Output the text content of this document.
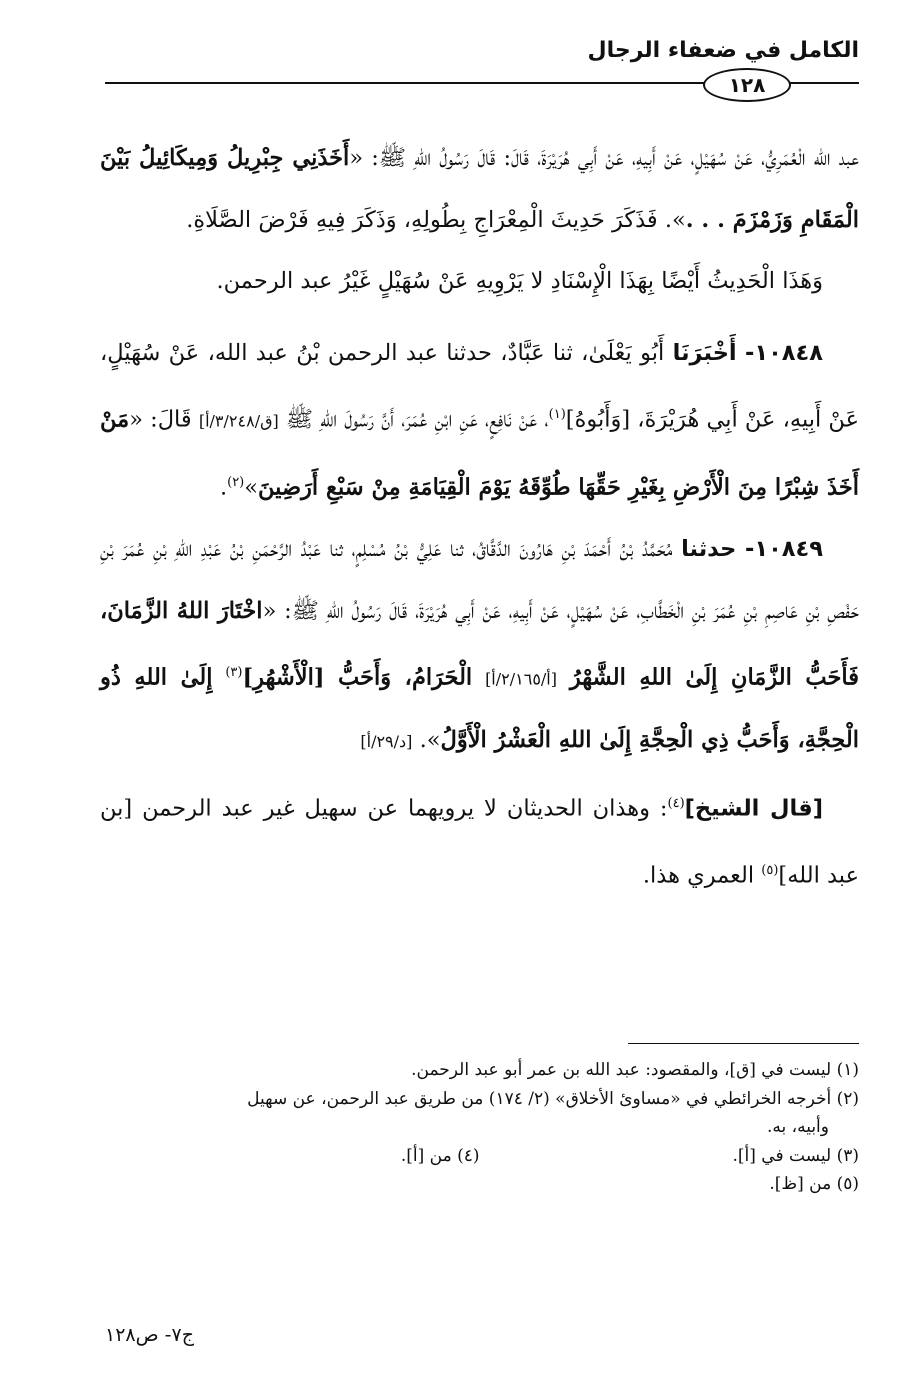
الكامل في ضعفاء الرجال
١٢٨

عبد الله الْعُمَرِيُّ، عَنْ سُهَيْلٍ، عَنْ أَبِيهِ، عَنْ أَبِي هُرَيْرَةَ، قَالَ: قَالَ رَسُولُ اللهِ ﷺ: «أَخَذَنِي جِبْرِيلُ وَمِيكَائِيلُ بَيْنَ الْمَقَامِ وَزَمْزَمَ . . .». فَذَكَرَ حَدِيثَ الْمِعْرَاجِ بِطُولِهِ، وَذَكَرَ فِيهِ فَرْضَ الصَّلَاةِ.

وَهَذَا الْحَدِيثُ أَيْضًا بِهَذَا الْإِسْنَادِ لا يَرْوِيهِ عَنْ سُهَيْلٍ غَيْرُ عبد الرحمن.

١٠٨٤٨- أَخْبَرَنَا أَبُو يَعْلَىٰ، ثنا عَبَّادٌ، حدثنا عبد الرحمن بْنُ عبد الله، عَنْ سُهَيْلٍ، عَنْ أَبِيهِ، عَنْ أَبِي هُرَيْرَةَ، [وَأَبُوهُ]$^{(١)}$، عَنْ نَافِعٍ، عَنِ ابْنِ عُمَرَ، أَنَّ رَسُولَ اللهِ ﷺ [ق/٣/٢٤٨/أ] قَالَ: «مَنْ أَخَذَ شِبْرًا مِنَ الْأَرْضِ بِغَيْرِ حَقِّهَا طُوِّقَهُ يَوْمَ الْقِيَامَةِ مِنْ سَبْعِ أَرَضِينَ»$^{(٢)}$.

١٠٨٤٩- حدثنا مُحَمَّدُ بْنُ أَحْمَدَ بْنِ هَارُونَ الدَّقَّاقُ، ثنا عَلِيُّ بْنُ مُسْلِمٍ، ثنا عَبْدُ الرَّحْمَنِ بْنُ عَبْدِ اللهِ بْنِ عُمَرَ بْنِ حَفْصِ بْنِ عَاصِمِ بْنِ عُمَرَ بْنِ الْخَطَّابِ، عَنْ سُهَيْلٍ، عَنْ أَبِيهِ، عَنْ أَبِي هُرَيْرَةَ، قَالَ رَسُولُ اللهِ ﷺ: «اخْتَارَ اللهُ الزَّمَانَ، فَأَحَبُّ الزَّمَانِ إِلَىٰ اللهِ الشَّهْرُ [أ/٢/١٦٥/أ] الْحَرَامُ، وَأَحَبُّ [الْأَشْهُرِ]$^{(٣)}$ إِلَىٰ اللهِ ذُو الْحِجَّةِ، وَأَحَبُّ ذِي الْحِجَّةِ إِلَىٰ اللهِ الْعَشْرُ الْأَوَّلُ». [د/٢٩/أ]

[قال الشيخ]$^{(٤)}$: وهذان الحديثان لا يرويهما عن سهيل غير عبد الرحمن [بن عبد الله]$^{(٥)}$ العمري هذا.

(١) ليست في [ق]، والمقصود: عبد الله بن عمر أبو عبد الرحمن.

(٢) أخرجه الخرائطي في «مساوئ الأخلاق» (٢/ ١٧٤) من طريق عبد الرحمن، عن سهيل

وأبيه، به.

(٣) ليست في [أ].

(٤) من [أ].

(٥) من [ظ].

ج٧- ص١٢٨
